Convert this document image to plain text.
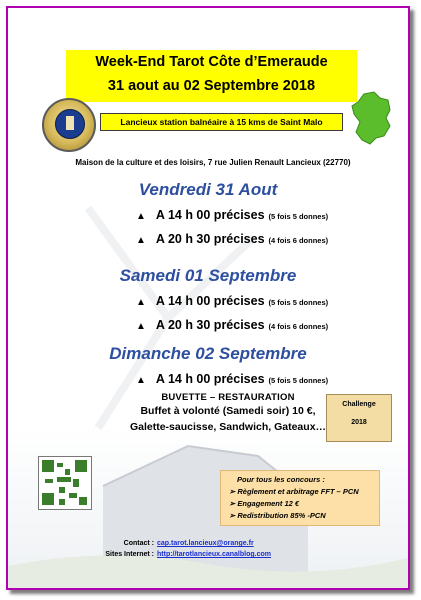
Week-End Tarot Côte d’Emeraude
31 aout au 02 Septembre 2018
Lancieux station balnéaire à 15 kms de Saint Malo
Maison de la culture et des loisirs, 7 rue Julien Renault Lancieux (22770)
Vendredi 31 Aout
▲ A 14 h 00 précises (5 fois 5 donnes)
▲ A 20 h 30 précises (4 fois 6 donnes)
Samedi 01 Septembre
▲ A 14 h 00 précises (5 fois 5 donnes)
▲ A 20 h 30 précises (4 fois 6 donnes)
Dimanche 02 Septembre
▲ A 14 h 00 précises (5 fois 5 donnes)
BUVETTE – RESTAURATION
Buffet à volonté (Samedi soir) 10 €,
Galette-saucisse, Sandwich, Gateaux…
Challenge
2018
Pour tous les concours :
➢ Règlement et arbitrage FFT – PCN
➢ Engagement 12 €
➢ Redistribution 85% -PCN
Contact : cap.tarot.lancieux@orange.fr
Sites Internet : http://tarotlancieux.canalblog.com
